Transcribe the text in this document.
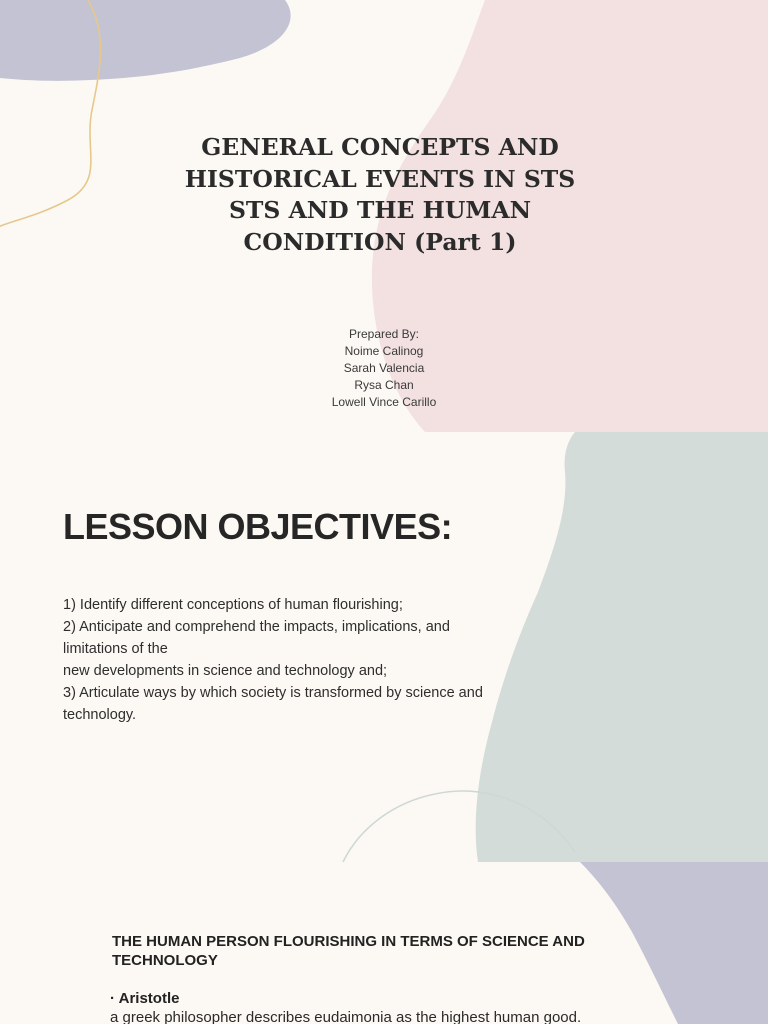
GENERAL CONCEPTS AND
HISTORICAL EVENTS IN STS
STS AND THE HUMAN
CONDITION (Part 1)
Prepared By:
Noime Calinog
Sarah Valencia
Rysa Chan
Lowell Vince Carillo
LESSON OBJECTIVES:
1) Identify different conceptions of human flourishing;
2) Anticipate and comprehend the impacts, implications, and
limitations of the
new developments in science and technology and;
3) Articulate ways by which society is transformed by science and
technology.
THE HUMAN PERSON FLOURISHING IN TERMS OF SCIENCE AND TECHNOLOGY
· Aristotle
a greek philosopher describes eudaimonia as the highest human good.
